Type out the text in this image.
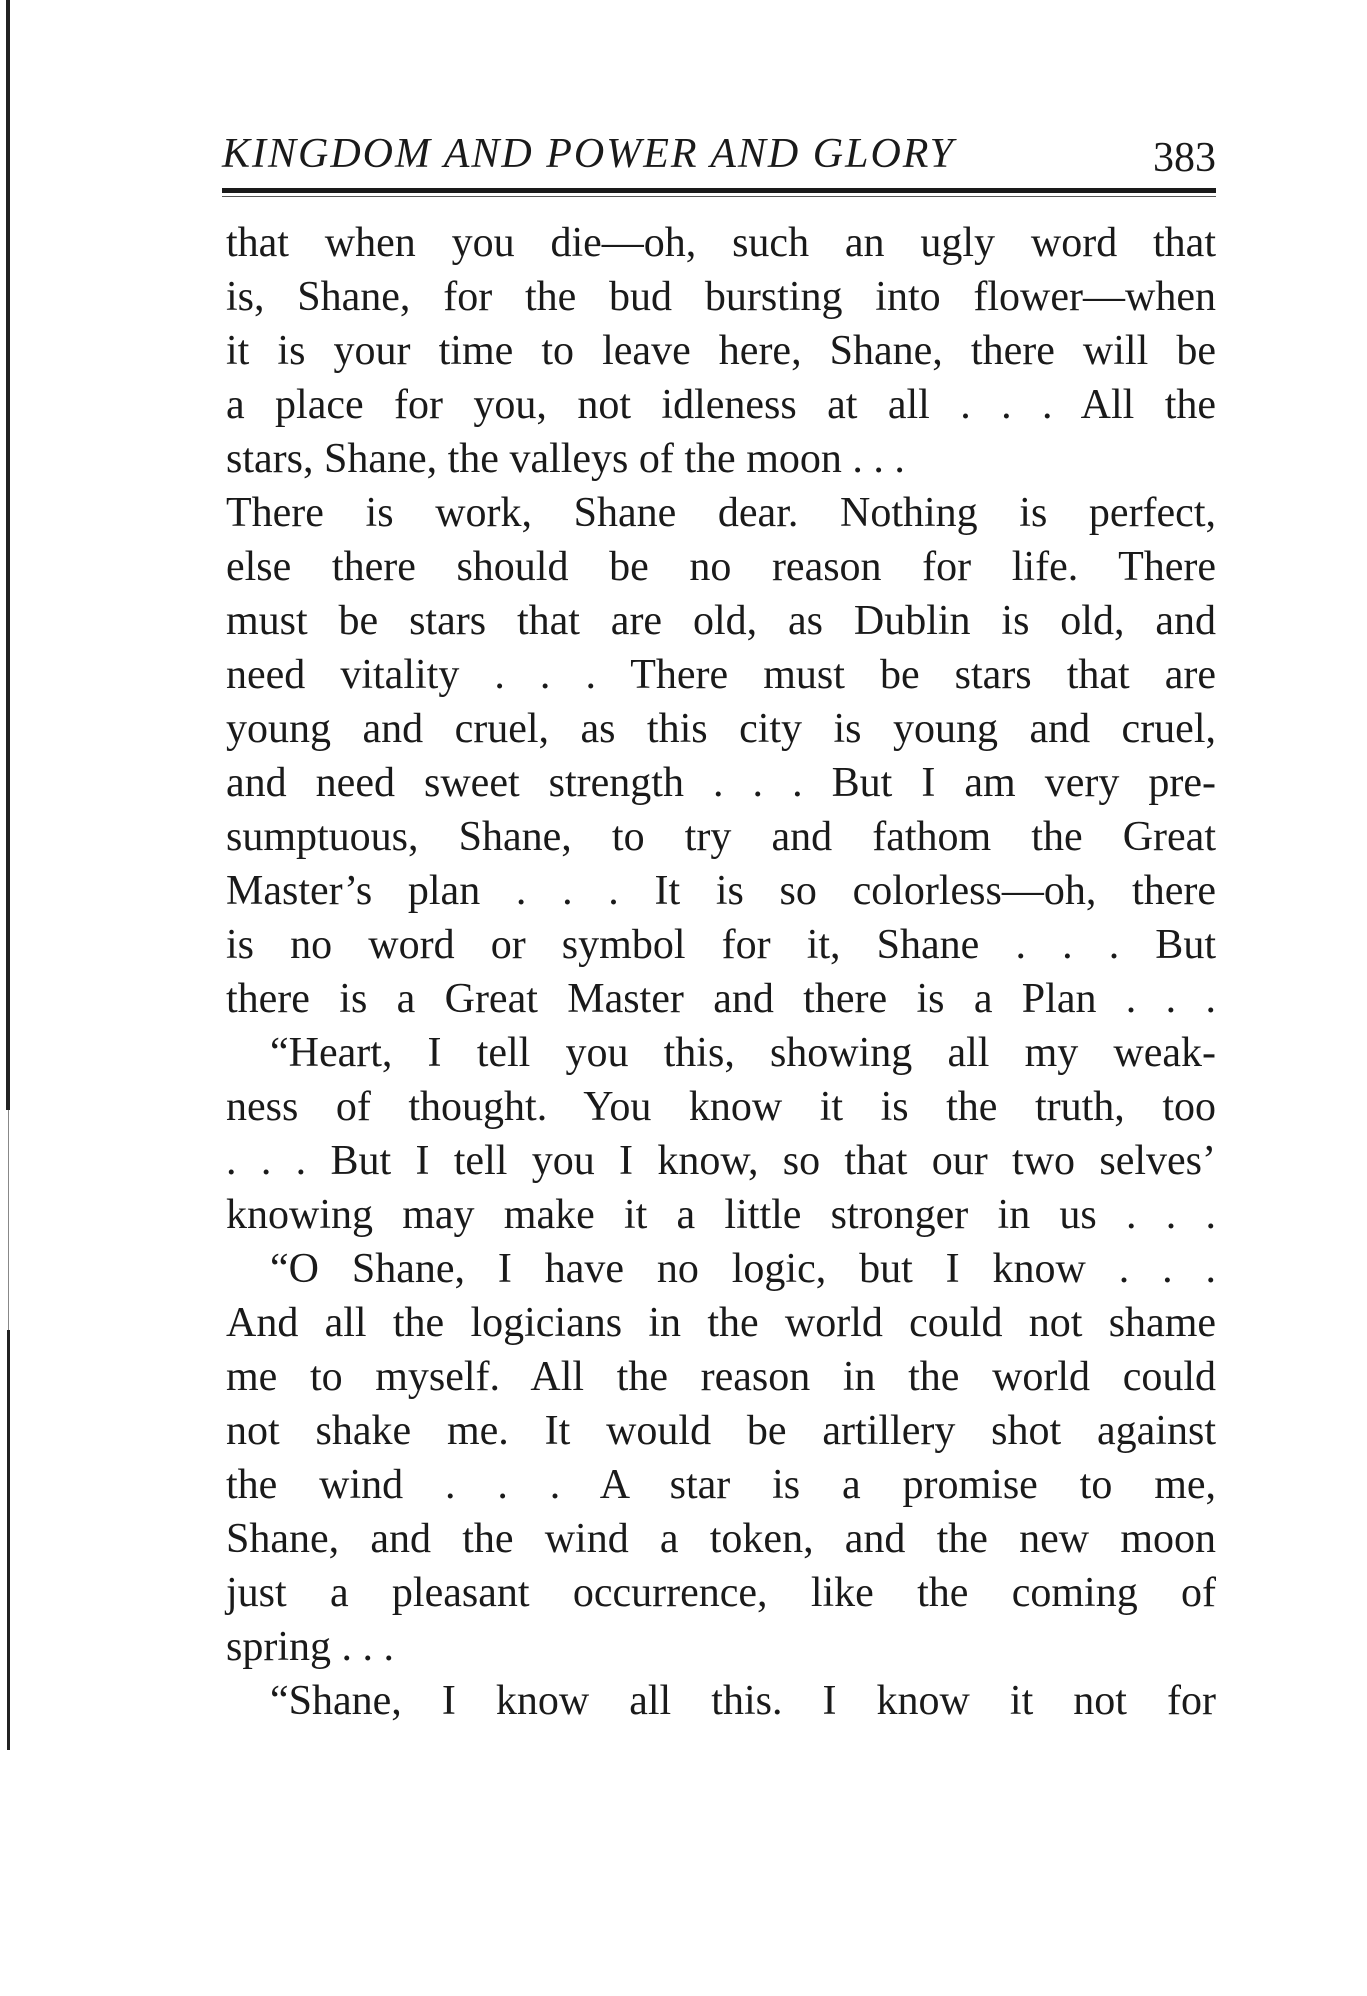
KINGDOM AND POWER AND GLORY	383
that when you die—oh, such an ugly word that
is, Shane, for the bud bursting into flower—when
it is your time to leave here, Shane, there will be
a place for you, not idleness at all . . . All the
stars, Shane, the valleys of the moon . . .
There is work, Shane dear. Nothing is perfect,
else there should be no reason for life. There
must be stars that are old, as Dublin is old, and
need vitality . . . There must be stars that are
young and cruel, as this city is young and cruel,
and need sweet strength . . . But I am very pre-
sumptuous, Shane, to try and fathom the Great
Master’s plan . . . It is so colorless—oh, there
is no word or symbol for it, Shane . . . But
there is a Great Master and there is a Plan . . .
“Heart, I tell you this, showing all my weak-
ness of thought. You know it is the truth, too
. . . But I tell you I know, so that our two selves’
knowing may make it a little stronger in us . . .
“O Shane, I have no logic, but I know . . .
And all the logicians in the world could not shame
me to myself. All the reason in the world could
not shake me. It would be artillery shot against
the wind . . . A star is a promise to me,
Shane, and the wind a token, and the new moon
just a pleasant occurrence, like the coming of
spring . . .
“Shane, I know all this. I know it not for
